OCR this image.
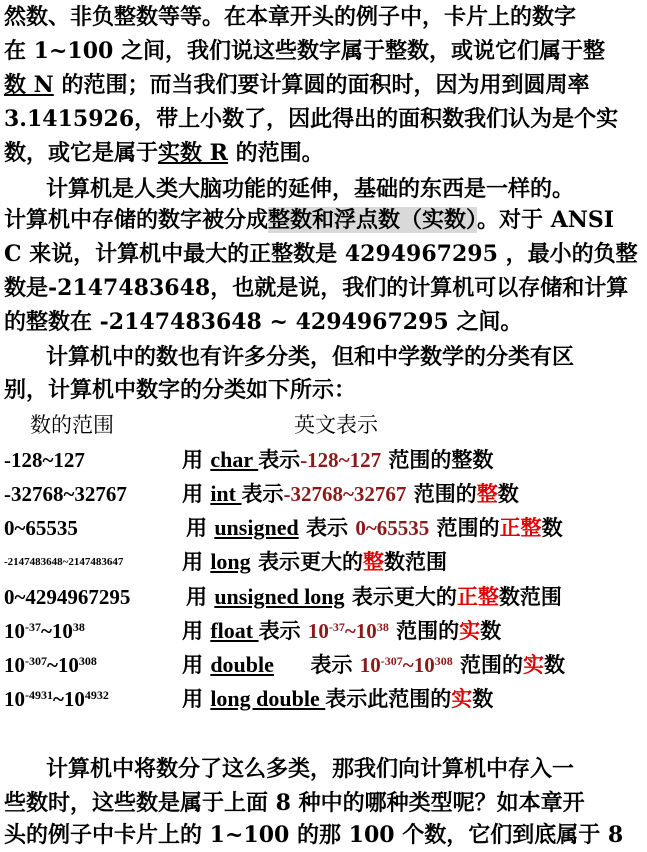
然数、非负整数等等。在本章开头的例子中，卡片上的数字
在 1~100 之间，我们说这些数字属于整数，或说它们属于整
数 N 的范围；而当我们要计算圆的面积时，因为用到圆周率
3.1415926，带上小数了，因此得出的面积数我们认为是个实
数，或它是属于实数 R 的范围。
计算机是人类大脑功能的延伸，基础的东西是一样的。
计算机中存储的数字被分成整数和浮点数（实数）。对于 ANSI
C 来说，计算机中最大的正整数是 4294967295 ，最小的负整
数是-2147483648，也就是说，我们的计算机可以存储和计算
的整数在 -2147483648 ~ 4294967295 之间。
计算机中的数也有许多分类，但和中学数学的分类有区
别，计算机中数字的分类如下所示：
数的范围	英文表示
-128~127	用 char 表示-128~127 范围的整数
-32768~32767	用 int 表示-32768~32767 范围的整数
0~65535	用 unsigned 表示 0~65535 范围的正整数
-2147483648~2147483647	用 long 表示更大的整数范围
0~4294967295	用 unsigned long 表示更大的正整数范围
$10^{-37}\sim 10^{38}$	用 float 表示 $10^{-37}\sim 10^{38}$ 范围的实数
$10^{-307}\sim 10^{308}$	用 double     表示 $10^{-307}\sim 10^{308}$ 范围的实数
$10^{-4931}\sim 10^{4932}$	用 long double 表示此范围的实数
计算机中将数分了这么多类，那我们向计算机中存入一
些数时，这些数是属于上面 8 种中的哪种类型呢？如本章开
头的例子中卡片上的 1~100 的那 100 个数，它们到底属于 8
